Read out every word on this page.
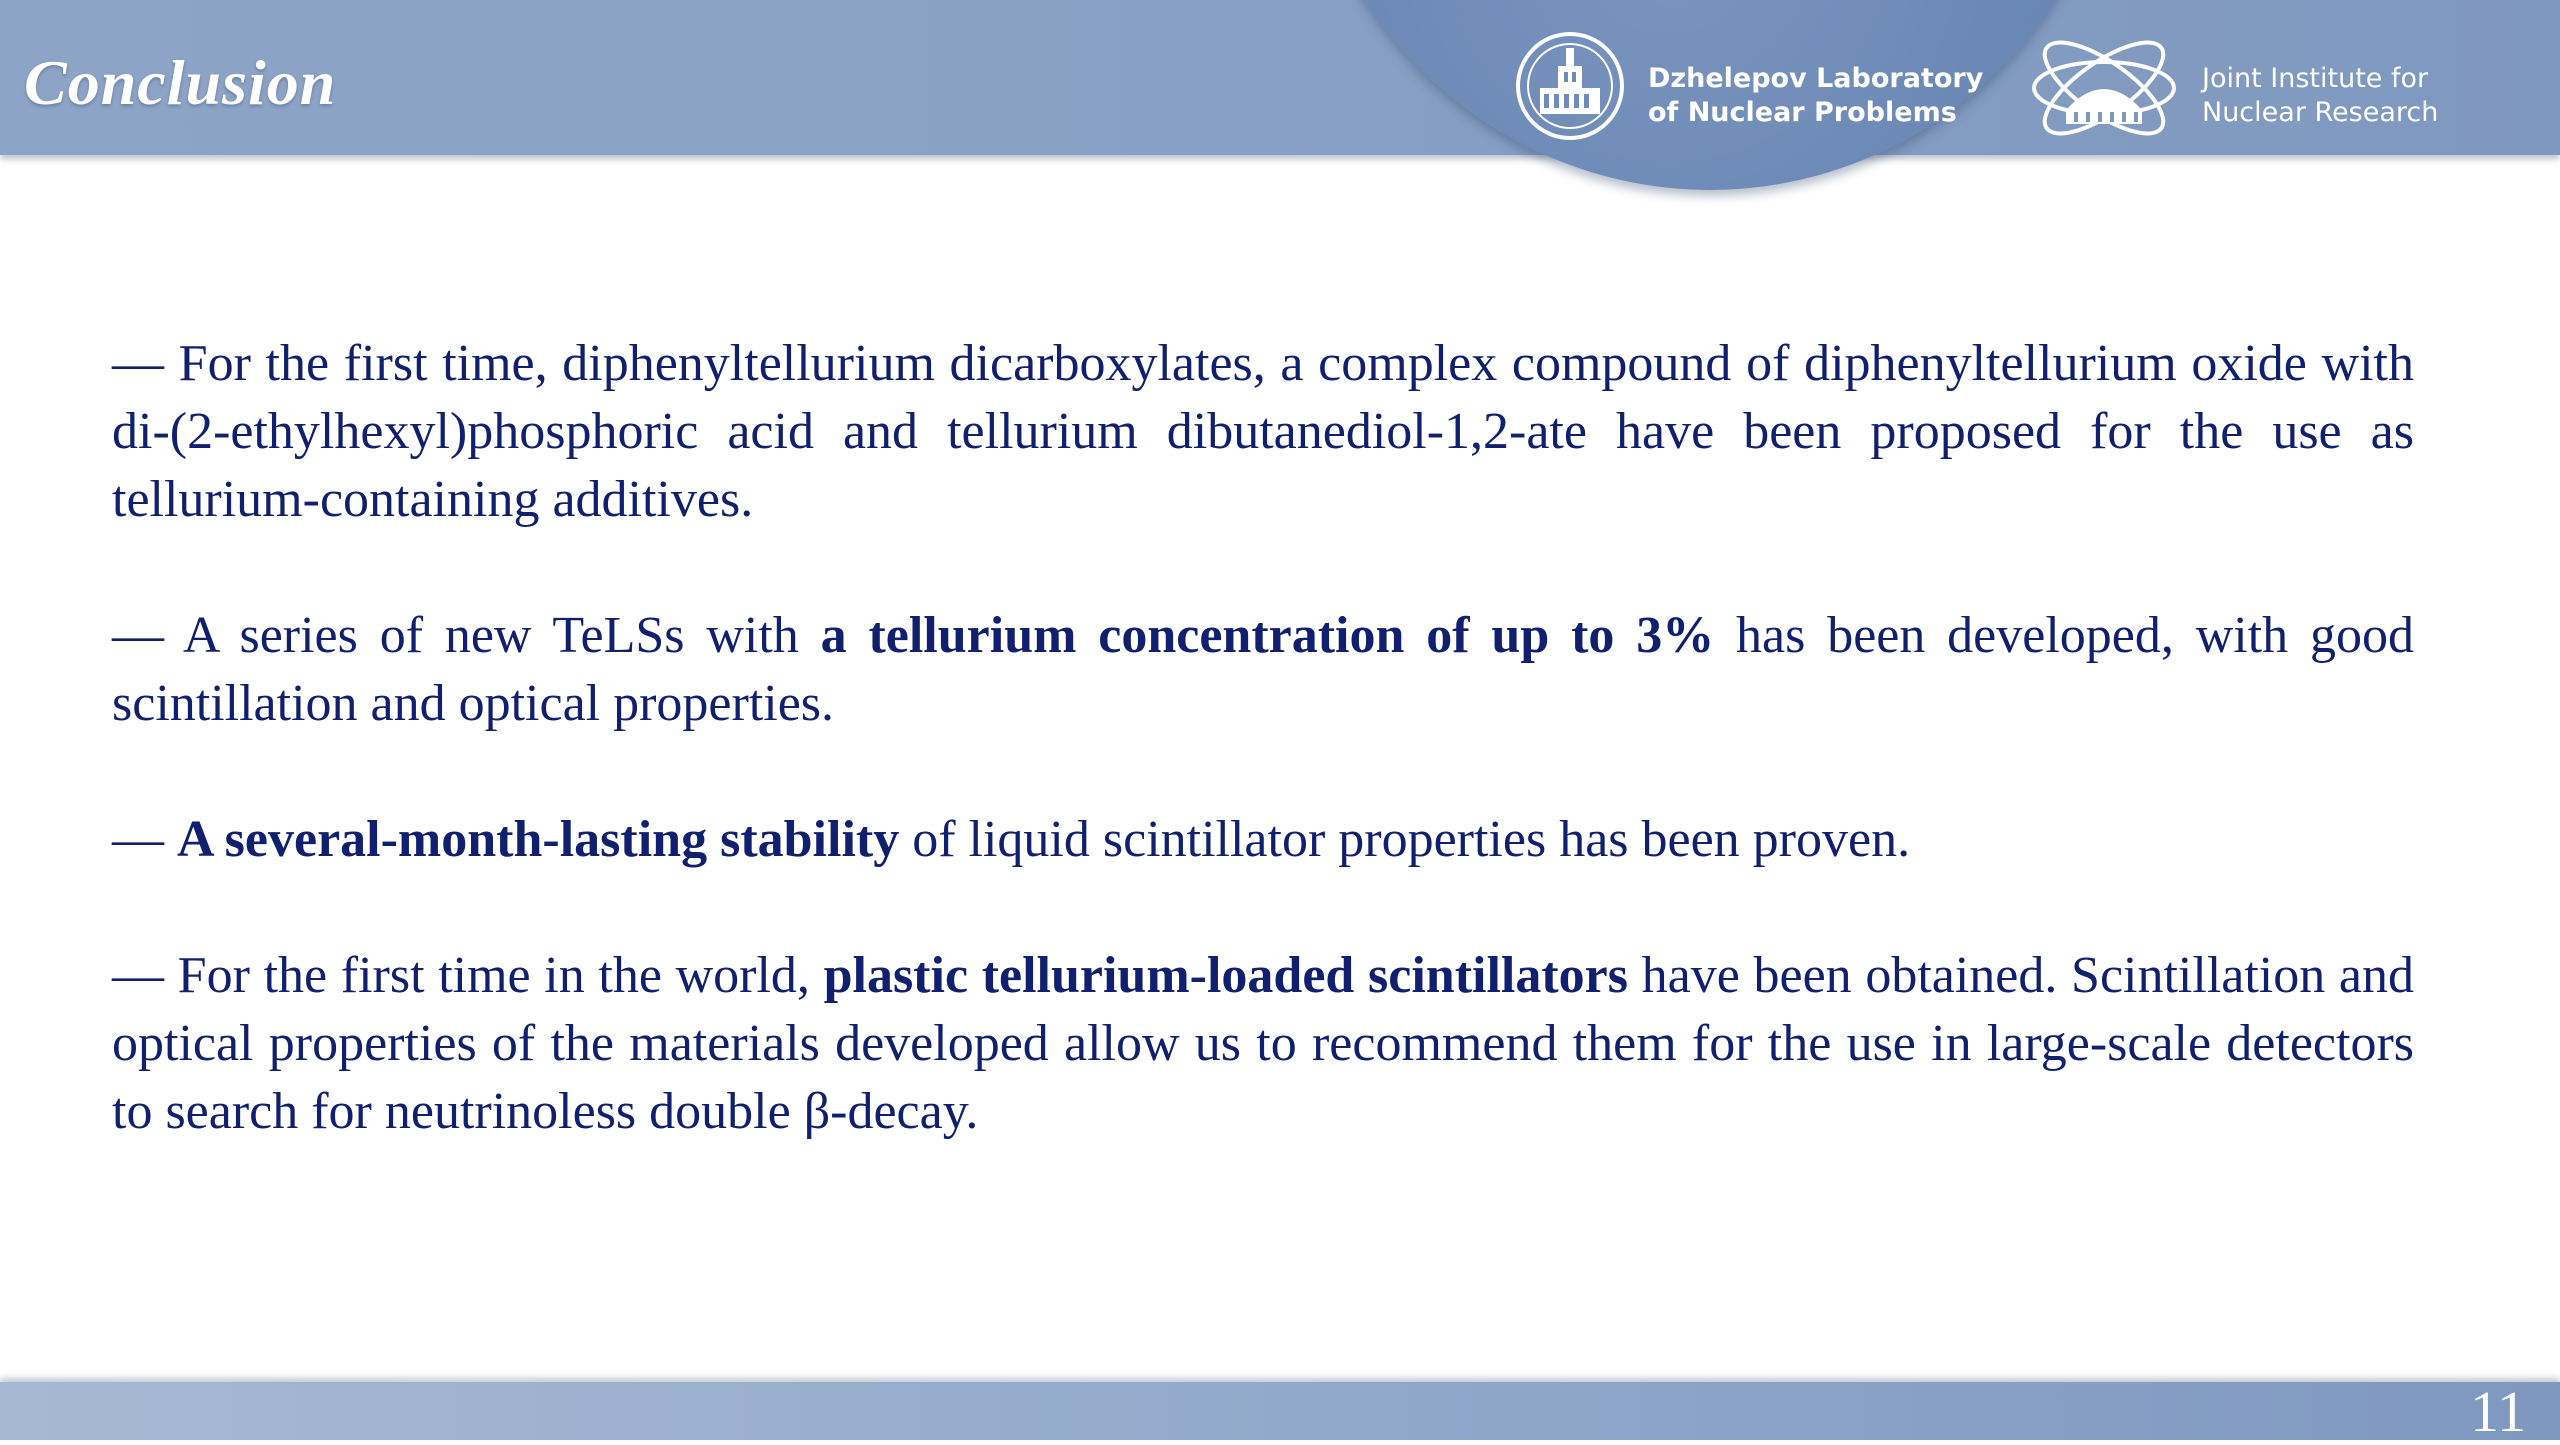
Conclusion	Dzhelepov Laboratory
of Nuclear Problems
Joint Institute for
Nuclear Research

— For the first time, diphenyltellurium dicarboxylates, a complex compound of diphenyltellurium oxide with di-(2-ethylhexyl)phosphoric acid and tellurium dibutanediol-1,2-ate have been proposed for the use as tellurium-containing additives.

— A series of new TeLSs with a tellurium concentration of up to 3% has been developed, with good scintillation and optical properties.

— A several-month-lasting stability of liquid scintillator properties has been proven.

— For the first time in the world, plastic tellurium-loaded scintillators have been obtained. Scintillation and optical properties of the materials developed allow us to recommend them for the use in large-scale detectors to search for neutrinoless double β-decay.

11
